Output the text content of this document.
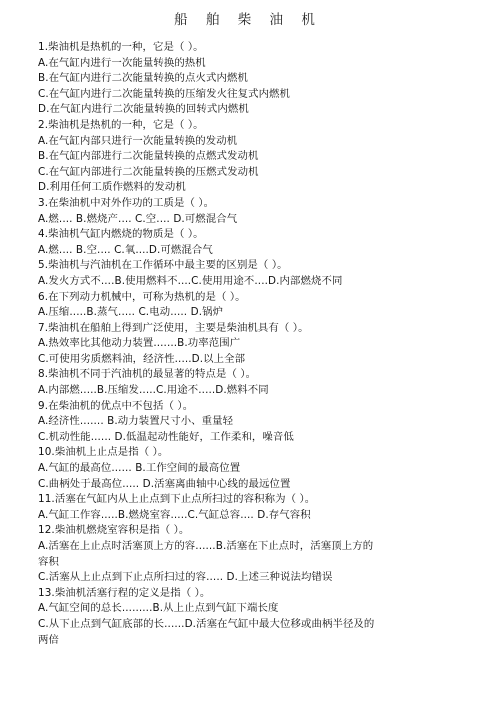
船 舶 柴 油 机
1.柴油机是热机的一种，它是（ ）。
A.在气缸内进行一次能量转换的热机
B.在气缸内进行二次能量转换的点火式内燃机
C.在气缸内进行二次能量转换的压缩发火往复式内燃机
D.在气缸内进行二次能量转换的回转式内燃机
2.柴油机是热机的一种，它是（ ）。
A.在气缸内部只进行一次能量转换的发动机
B.在气缸内部进行二次能量转换的点燃式发动机
C.在气缸内部进行二次能量转换的压燃式发动机
D.利用任何工质作燃料的发动机
3.在柴油机中对外作功的工质是（ ）。
A.燃.... B.燃烧产.... C.空.... D.可燃混合气
4.柴油机气缸内燃烧的物质是（ ）。
A.燃.... B.空.... C.氧....D.可燃混合气
5.柴油机与汽油机在工作循环中最主要的区别是（ ）。
A.发火方式不....B.使用燃料不....C.使用用途不....D.内部燃烧不同
6.在下列动力机械中，可称为热机的是（ ）。
A.压缩.....B.蒸气..... C.电动..... D.锅炉
7.柴油机在船舶上得到广泛使用，主要是柴油机具有（ ）。
A.热效率比其他动力装置.......B.功率范围广
C.可使用劣质燃料油，经济性.....D.以上全部
8.柴油机不同于汽油机的最显著的特点是（ ）。
A.内部燃.....B.压缩发.....C.用途不.....D.燃料不同
9.在柴油机的优点中不包括（ ）。
A.经济性....... B.动力装置尺寸小、重量轻
C.机动性能...... D.低温起动性能好，工作柔和，噪音低
10.柴油机上止点是指（ ）。
A.气缸的最高位...... B.工作空间的最高位置
C.曲柄处于最高位..... D.活塞离曲轴中心线的最远位置
11.活塞在气缸内从上止点到下止点所扫过的容积称为（ ）。
A.气缸工作容.....B.燃烧室容.....C.气缸总容.... D.存气容积
12.柴油机燃烧室容积是指（ ）。
A.活塞在上止点时活塞顶上方的容......B.活塞在下止点时，活塞顶上方的
容积
C.活塞从上止点到下止点所扫过的容..... D.上述三种说法均错误
13.柴油机活塞行程的定义是指（ ）。
A.气缸空间的总长.........B.从上止点到气缸下端长度
C.从下止点到气缸底部的长......D.活塞在气缸中最大位移或曲柄半径及的
两倍
